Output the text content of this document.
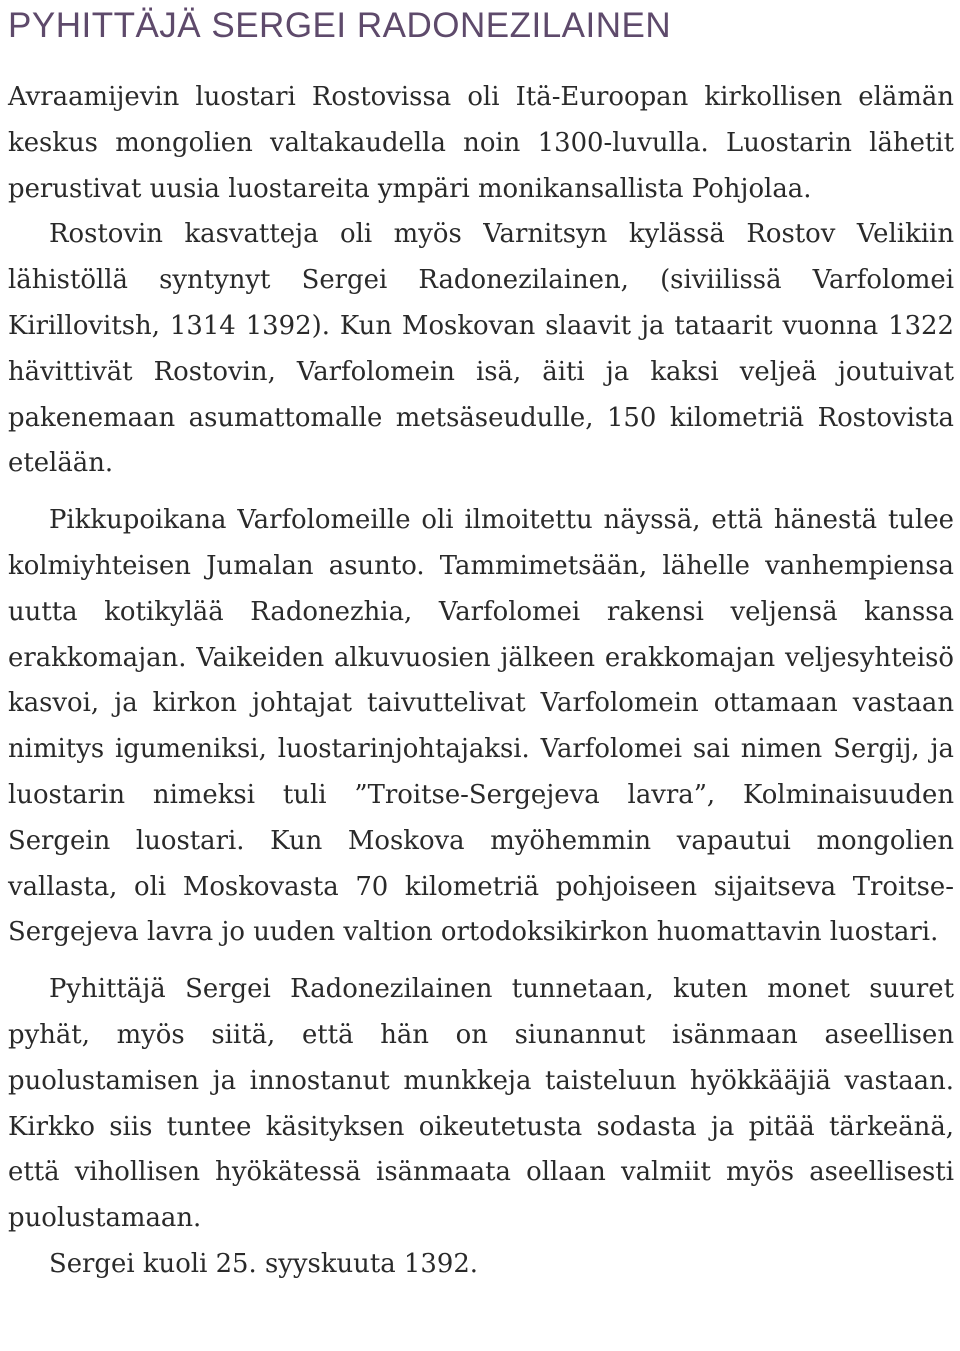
PYHITTÄJÄ SERGEI RADONEZILAINEN

Avraamijevin luostari Rostovissa oli Itä-Euroopan kirkollisen elämän keskus mongolien valtakaudella noin 1300-luvulla. Luostarin lähetit perustivat uusia luostareita ympäri monikansallista Pohjolaa.

Rostovin kasvatteja oli myös Varnitsyn kylässä Rostov Velikiin lähistöllä syntynyt Sergei Radonezilainen, (siviilissä Varfolomei Kirillovitsh, 1314 1392). Kun Moskovan slaavit ja tataarit vuonna 1322 hävittivät Rostovin, Varfolomein isä, äiti ja kaksi veljeä joutuivat pakenemaan asumattomalle metsäseudulle, 150 kilometriä Rostovista etelään.

Pikkupoikana Varfolomeille oli ilmoitettu näyssä, että hänestä tulee kolmiyhteisen Jumalan asunto. Tammimetsään, lähelle vanhempiensa uutta kotikylää Radonezhia, Varfolomei rakensi veljensä kanssa erakkomajan. Vaikeiden alkuvuosien jälkeen erakkomajan veljesyhteisö kasvoi, ja kirkon johtajat taivuttelivat Varfolomein ottamaan vastaan nimitys igumeniksi, luostarinjohtajaksi. Varfolomei sai nimen Sergij, ja luostarin nimeksi tuli ”Troitse-Sergejeva lavra”, Kolminaisuuden Sergein luostari. Kun Moskova myöhemmin vapautui mongolien vallasta, oli Moskovasta 70 kilometriä pohjoiseen sijaitseva Troitse-Sergejeva lavra jo uuden valtion ortodoksikirkon huomattavin luostari.

Pyhittäjä Sergei Radonezilainen tunnetaan, kuten monet suuret pyhät, myös siitä, että hän on siunannut isänmaan aseellisen puolustamisen ja innostanut munkkeja taisteluun hyökkääjiä vastaan. Kirkko siis tuntee käsityksen oikeutetusta sodasta ja pitää tärkeänä, että vihollisen hyökätessä isänmaata ollaan valmiit myös aseellisesti puolustamaan.

Sergei kuoli 25. syyskuuta 1392.
